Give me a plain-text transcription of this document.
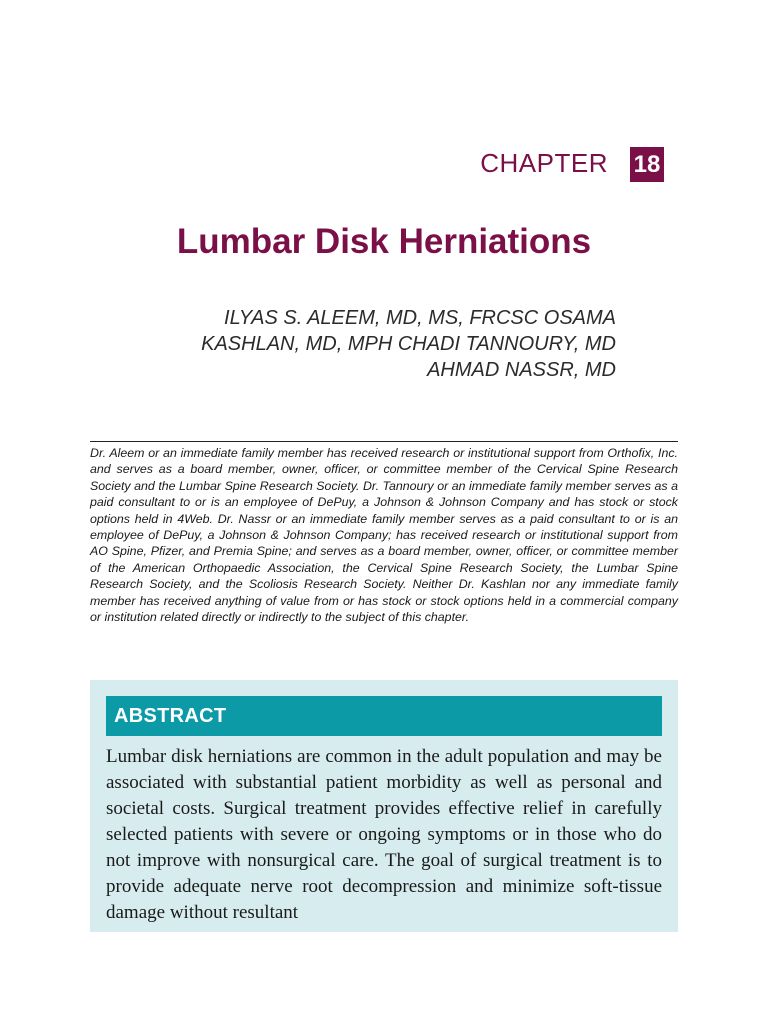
CHAPTER 18
Lumbar Disk Herniations
ILYAS S. ALEEM, MD, MS, FRCSC OSAMA KASHLAN, MD, MPH CHADI TANNOURY, MD AHMAD NASSR, MD
Dr. Aleem or an immediate family member has received research or institutional support from Orthofix, Inc. and serves as a board member, owner, officer, or committee member of the Cervical Spine Research Society and the Lumbar Spine Research Society. Dr. Tannoury or an immediate family member serves as a paid consultant to or is an employee of DePuy, a Johnson & Johnson Company and has stock or stock options held in 4Web. Dr. Nassr or an immediate family member serves as a paid consultant to or is an employee of DePuy, a Johnson & Johnson Company; has received research or institutional support from AO Spine, Pfizer, and Premia Spine; and serves as a board member, owner, officer, or committee member of the American Orthopaedic Association, the Cervical Spine Research Society, the Lumbar Spine Research Society, and the Scoliosis Research Society. Neither Dr. Kashlan nor any immediate family member has received anything of value from or has stock or stock options held in a commercial company or institution related directly or indirectly to the subject of this chapter.
ABSTRACT
Lumbar disk herniations are common in the adult population and may be associated with substantial patient morbidity as well as personal and societal costs. Surgical treatment provides effective relief in carefully selected patients with severe or ongoing symptoms or in those who do not improve with nonsurgical care. The goal of surgical treatment is to provide adequate nerve root decompression and minimize soft-tissue damage without resultant
